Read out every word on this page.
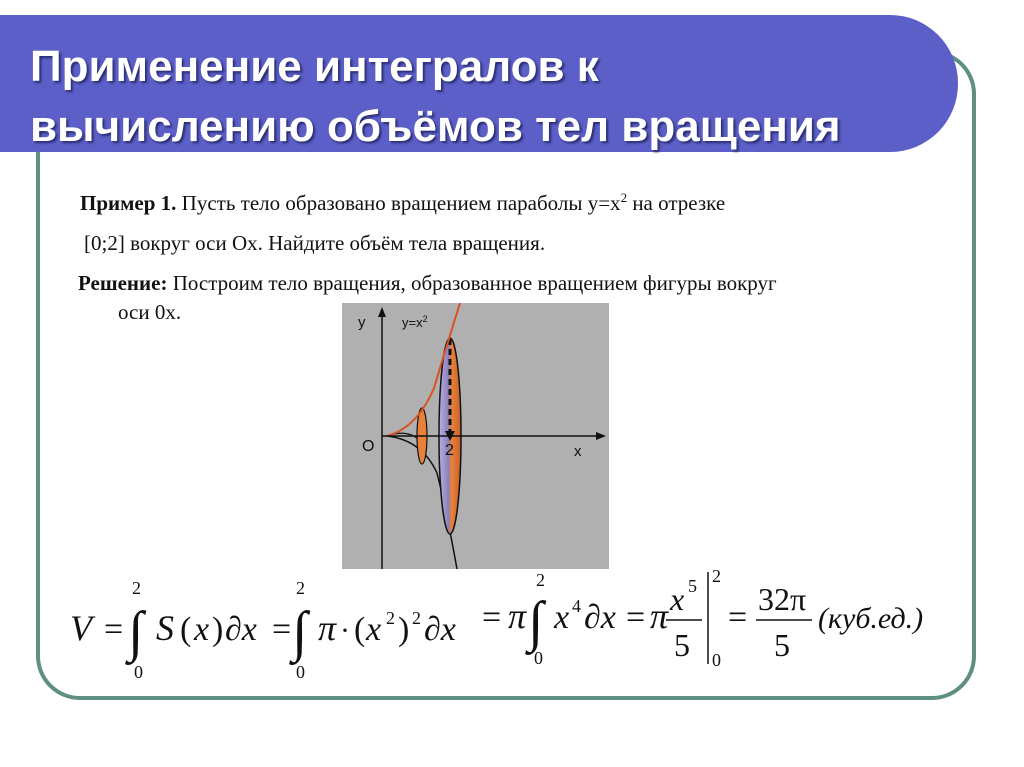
Применение интегралов к
вычислению объёмов тел вращения
Пример 1. Пусть тело образовано вращением параболы $y=x^2$ на отрезке
[0;2] вокруг оси Ox. Найдите объём тела вращения.
Решение: Построим тело вращения, образованное вращением фигуры вокруг
оси 0x.	y	$y=x^2$
O	2	x
V =
2
∫
0
S ( x ) ∂x =
2
∫
0
π · ( x 2 ) 2 ∂x = π
2
∫
0
x 4 ∂x = π x 5
5
2
0
= 32π
5
(куб.ед.)
